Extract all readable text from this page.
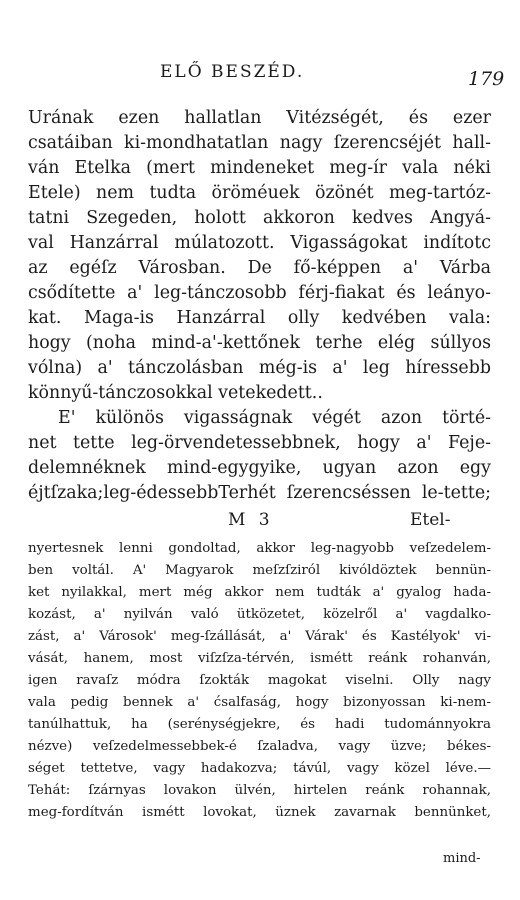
ELŐ BESZÉD.	179
Urának ezen hallatlan Vitézségét, és ezer
csatáiban ki-mondhatatlan nagy ſzerencséjét hall-
ván Etelka (mert mindeneket meg-ír vala néki
Etele) nem tudta öröméuek özönét meg-tartóz-
tatni Szegeden, holott akkoron kedves Angyá-
val Hanzárral múlatozott. Vigasságokat indítotc
az egéſz Városban. De fő-képpen a' Várba
csődítette a' leg-tánczosobb férj-fiakat és leányo-
kat. Maga-is Hanzárral olly kedvében vala:
hogy (noha mind-a'-kettőnek terhe elég súllyos
vólna) a' tánczolásban még-is a' leg híressebb
könnyű-tánczosokkal vetekedett..
E' különös vigasságnak végét azon törté-
net tette leg-örvendetessebbnek, hogy a' Feje-
delemnéknek mind-egygyike, ugyan azon egy
éjtſzaka;leg-édessebbTerhét ſzerencséssen le-tette;
M 3	Etel-
nyertesnek lenni gondoltad, akkor leg-nagyobb veſzedelem-
ben voltál. A' Magyarok meſzſziról kivóldöztek bennün-
ket nyilakkal, mert még akkor nem tudták a' gyalog hada-
kozást, a' nyilván való ütközetet, közelről a' vagdalko-
zást, a' Városok' meg-ſzállását, a' Várak' és Kastélyok' vi-
vását, hanem, most viſzſza-térvén, ismétt reánk rohanván,
igen ravaſz módra ſzokták magokat viselni. Olly nagy
vala pedig bennek a' ćsalfaság, hogy bizonyossan ki-nem-
tanúlhattuk, ha (serénységjekre, és hadi tudománnyokra
nézve) veſzedelmessebbek-é ſzaladva, vagy üzve; békes-
séget tettetve, vagy hadakozva; távúl, vagy közel léve.—
Tehát: ſzárnyas lovakon ülvén, hirtelen reánk rohannak,
meg-fordítván ismétt lovokat, üznek zavarnak bennünket,
mind-
